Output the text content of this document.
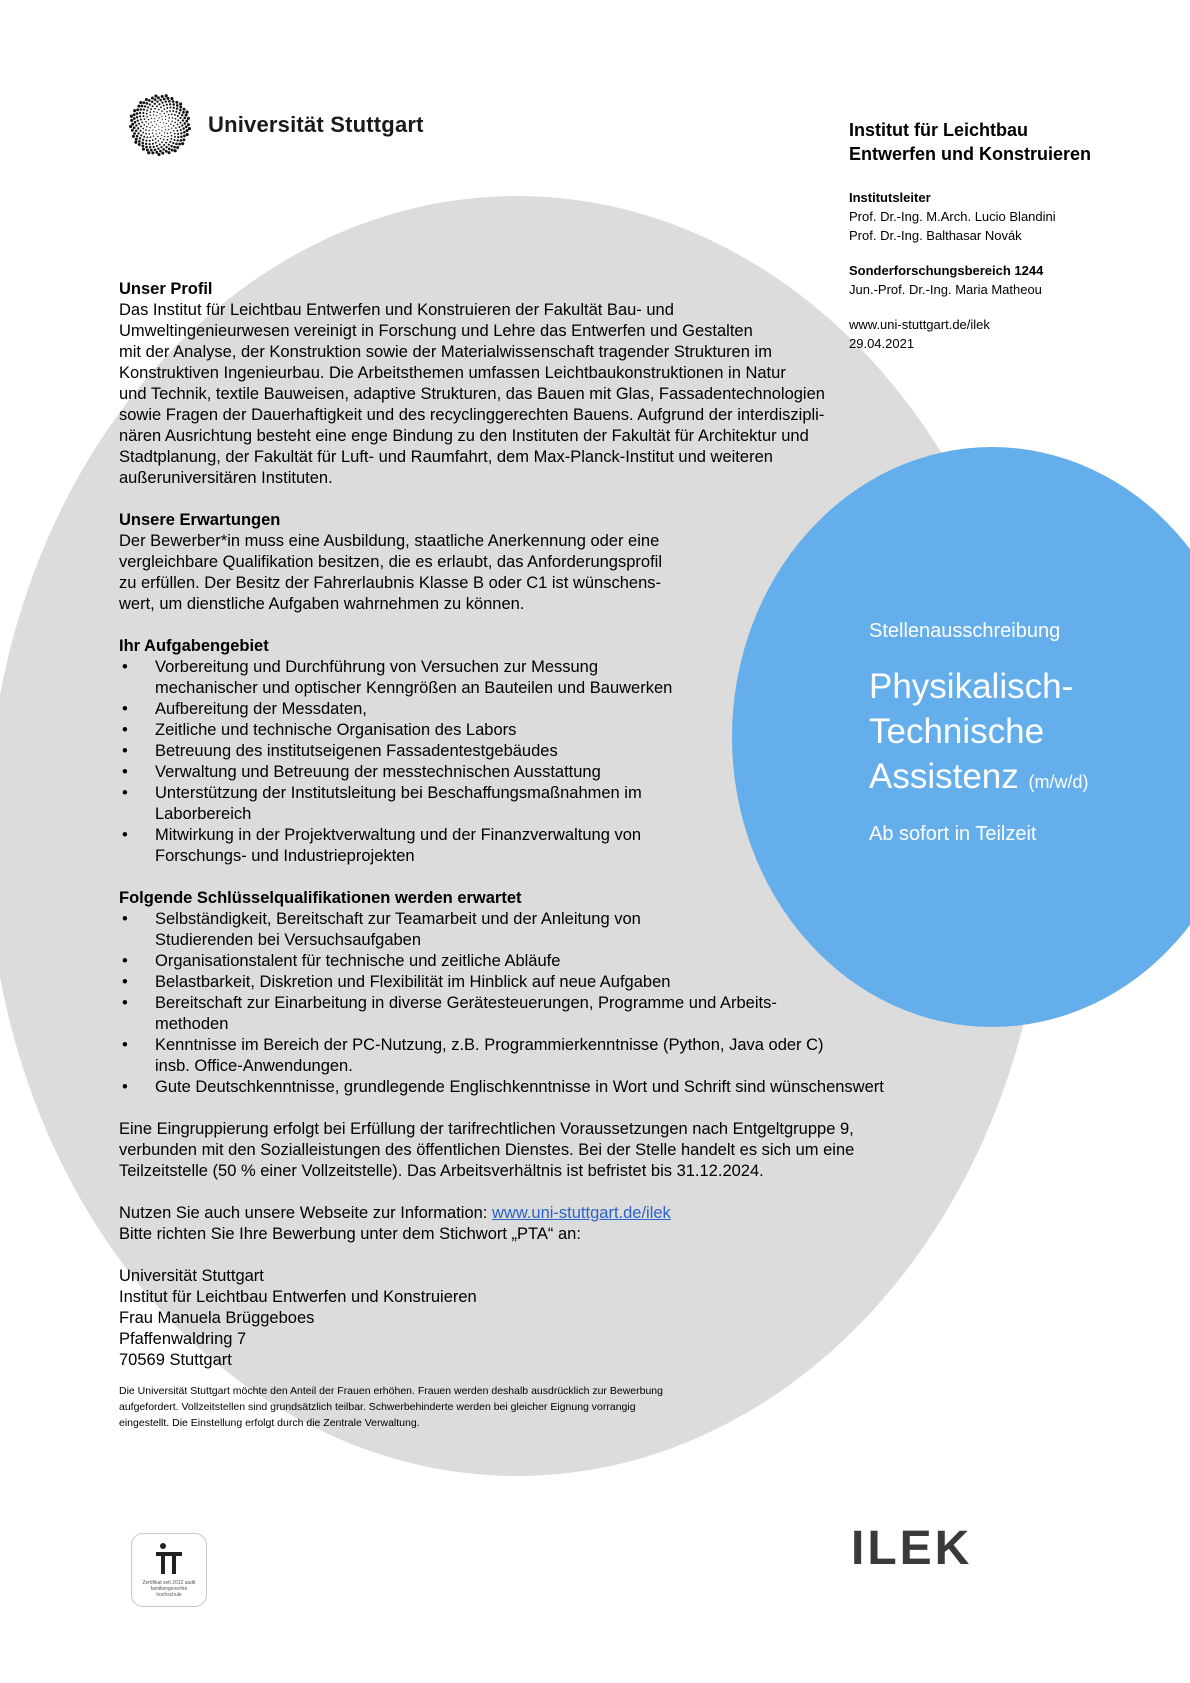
Universität Stuttgart	Institut für Leichtbau
Entwerfen und Konstruieren
Institutsleiter
Prof. Dr.-Ing. M.Arch. Lucio Blandini
Prof. Dr.-Ing. Balthasar Novák
Sonderforschungsbereich 1244
Jun.-Prof. Dr.-Ing. Maria Matheou
www.uni-stuttgart.de/ilek
29.04.2021
Unser Profil
Das Institut für Leichtbau Entwerfen und Konstruieren der Fakultät Bau- und
Umweltingenieurwesen vereinigt in Forschung und Lehre das Entwerfen und Gestalten
mit der Analyse, der Konstruktion sowie der Materialwissenschaft tragender Strukturen im
Konstruktiven Ingenieurbau. Die Arbeitsthemen umfassen Leichtbaukonstruktionen in Natur
und Technik, textile Bauweisen, adaptive Strukturen, das Bauen mit Glas, Fassadentechnologien
sowie Fragen der Dauerhaftigkeit und des recyclinggerechten Bauens. Aufgrund der interdiszipli-
nären Ausrichtung besteht eine enge Bindung zu den Instituten der Fakultät für Architektur und
Stadtplanung, der Fakultät für Luft- und Raumfahrt, dem Max-Planck-Institut und weiteren
außeruniversitären Instituten.
Unsere Erwartungen
Der Bewerber*in muss eine Ausbildung, staatliche Anerkennung oder eine
vergleichbare Qualifikation besitzen, die es erlaubt, das Anforderungsprofil
zu erfüllen. Der Besitz der Fahrerlaubnis Klasse B oder C1 ist wünschens-
wert, um dienstliche Aufgaben wahrnehmen zu können.
Ihr Aufgabengebiet
• Vorbereitung und Durchführung von Versuchen zur Messung
mechanischer und optischer Kenngrößen an Bauteilen und Bauwerken
• Aufbereitung der Messdaten,
• Zeitliche und technische Organisation des Labors
• Betreuung des institutseigenen Fassadentestgebäudes
• Verwaltung und Betreuung der messtechnischen Ausstattung
• Unterstützung der Institutsleitung bei Beschaffungsmaßnahmen im
Laborbereich
• Mitwirkung in der Projektverwaltung und der Finanzverwaltung von
Forschungs- und Industrieprojekten
Folgende Schlüsselqualifikationen werden erwartet
• Selbständigkeit, Bereitschaft zur Teamarbeit und der Anleitung von
Studierenden bei Versuchsaufgaben
• Organisationstalent für technische und zeitliche Abläufe
• Belastbarkeit, Diskretion und Flexibilität im Hinblick auf neue Aufgaben
• Bereitschaft zur Einarbeitung in diverse Gerätesteuerungen, Programme und Arbeits-
methoden
• Kenntnisse im Bereich der PC-Nutzung, z.B. Programmierkenntnisse (Python, Java oder C)
insb. Office-Anwendungen.
• Gute Deutschkenntnisse, grundlegende Englischkenntnisse in Wort und Schrift sind wünschenswert
Eine Eingruppierung erfolgt bei Erfüllung der tarifrechtlichen Voraussetzungen nach Entgeltgruppe 9,
verbunden mit den Sozialleistungen des öffentlichen Dienstes. Bei der Stelle handelt es sich um eine
Teilzeitstelle (50 % einer Vollzeitstelle). Das Arbeitsverhältnis ist befristet bis 31.12.2024.

Nutzen Sie auch unsere Webseite zur Information: www.uni-stuttgart.de/ilek

Bitte richten Sie Ihre Bewerbung unter dem Stichwort „PTA“ an:

Universität Stuttgart
Institut für Leichtbau Entwerfen und Konstruieren
Frau Manuela Brüggeboes
Pfaffenwaldring 7
70569 Stuttgart
Die Universität Stuttgart möchte den Anteil der Frauen erhöhen. Frauen werden deshalb ausdrücklich zur Bewerbung
aufgefordert. Vollzeitstellen sind grundsätzlich teilbar. Schwerbehinderte werden bei gleicher Eignung vorrangig
eingestellt. Die Einstellung erfolgt durch die Zentrale Verwaltung.
Stellenausschreibung
Physikalisch-
Technische
Assistenz (m/w/d)
Ab sofort in Teilzeit
Zertifikat seit 2012 audit familiengerechte hochschule
ILEK
